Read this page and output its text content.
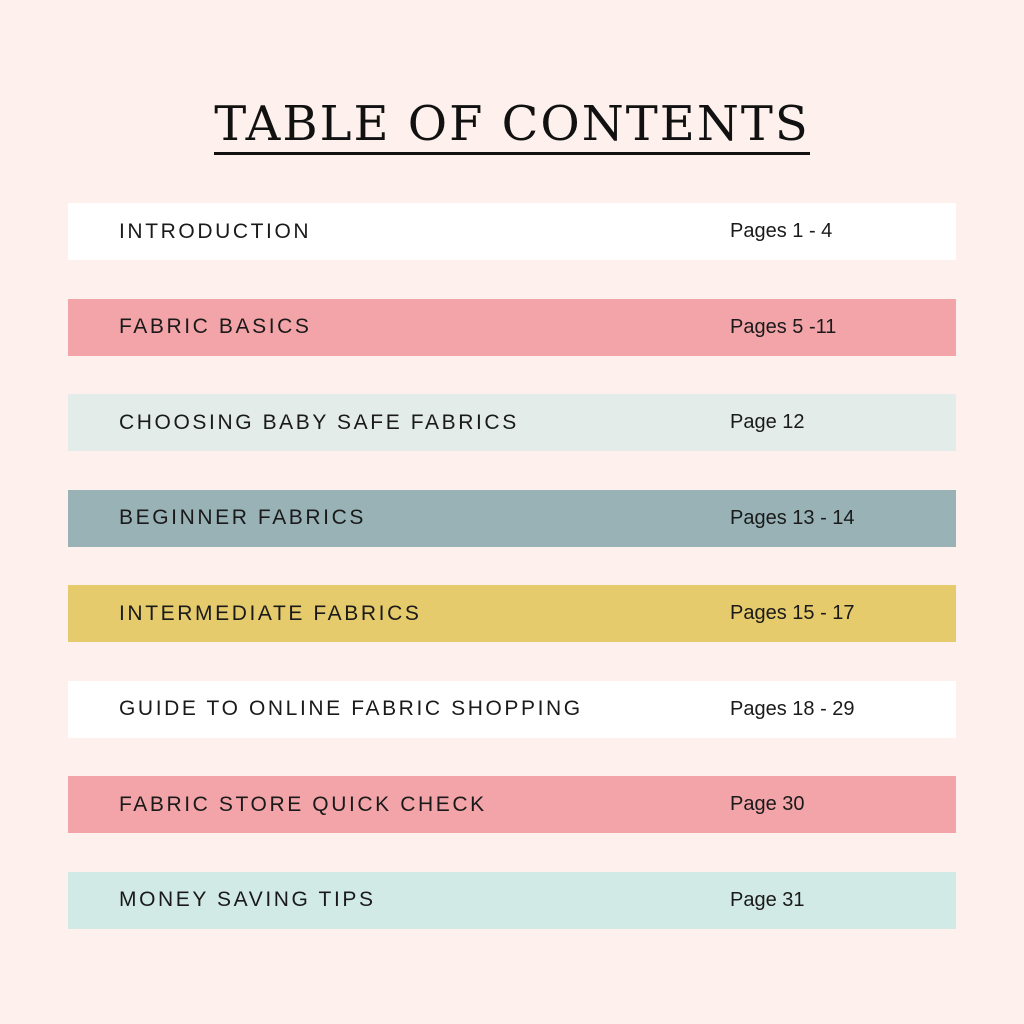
TABLE OF CONTENTS
INTRODUCTION	Pages 1 - 4
FABRIC BASICS	Pages 5 -11
CHOOSING BABY SAFE FABRICS	Page 12
BEGINNER FABRICS	Pages 13 - 14
INTERMEDIATE FABRICS	Pages 15 - 17
GUIDE TO ONLINE FABRIC SHOPPING	Pages 18 - 29
FABRIC STORE QUICK CHECK	Page 30
MONEY SAVING TIPS	Page 31
